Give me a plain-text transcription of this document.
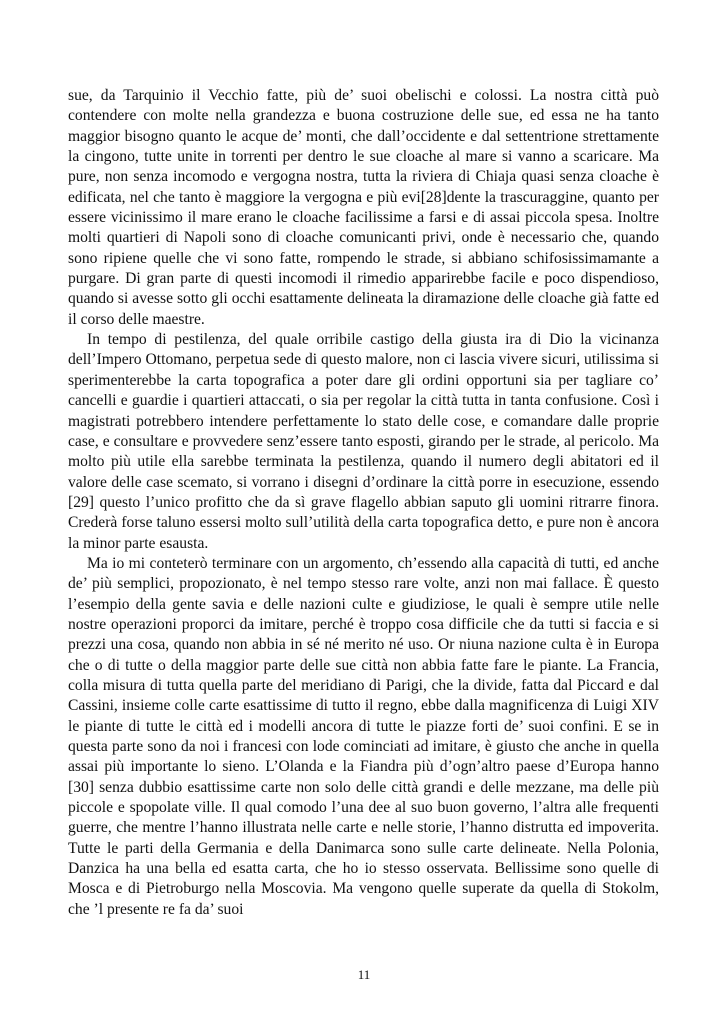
sue, da Tarquinio il Vecchio fatte, più de’ suoi obelischi e colossi. La nostra città può contendere con molte nella grandezza e buona costruzione delle sue, ed essa ne ha tanto maggior bisogno quanto le acque de’ monti, che dall’occidente e dal settentrione strettamente la cingono, tutte unite in torrenti per dentro le sue cloache al mare si vanno a scaricare. Ma pure, non senza incomodo e vergogna nostra, tutta la riviera di Chiaja quasi senza cloache è edificata, nel che tanto è maggiore la vergogna e più evi[28]dente la trascuraggine, quanto per essere vicinissimo il mare erano le cloache facilissime a farsi e di assai piccola spesa. Inoltre molti quartieri di Napoli sono di cloache comunicanti privi, onde è necessario che, quando sono ripiene quelle che vi sono fatte, rompendo le strade, si abbiano schifosissimamante a purgare. Di gran parte di questi incomodi il rimedio apparirebbe facile e poco dispendioso, quando si avesse sotto gli occhi esattamente delineata la diramazione delle cloache già fatte ed il corso delle maestre.

In tempo di pestilenza, del quale orribile castigo della giusta ira di Dio la vicinanza dell’Impero Ottomano, perpetua sede di questo malore, non ci lascia vivere sicuri, utilissima si sperimenterebbe la carta topografica a poter dare gli ordini opportuni sia per tagliare co’ cancelli e guardie i quartieri attaccati, o sia per regolar la città tutta in tanta confusione. Così i magistrati potrebbero intendere perfettamente lo stato delle cose, e comandare dalle proprie case, e consultare e provvedere senz’essere tanto esposti, girando per le strade, al pericolo. Ma molto più utile ella sarebbe terminata la pestilenza, quando il numero degli abitatori ed il valore delle case scemato, si vorrano i disegni d’ordinare la città porre in esecuzione, essendo [29] questo l’unico profitto che da sì grave flagello abbian saputo gli uomini ritrarre finora. Crederà forse taluno essersi molto sull’utilità della carta topografica detto, e pure non è ancora la minor parte esausta.

Ma io mi conteterò terminare con un argomento, ch’essendo alla capacità di tutti, ed anche de’ più semplici, propozionato, è nel tempo stesso rare volte, anzi non mai fallace. È questo l’esempio della gente savia e delle nazioni culte e giudiziose, le quali è sempre utile nelle nostre operazioni proporci da imitare, perché è troppo cosa difficile che da tutti si faccia e si prezzi una cosa, quando non abbia in sé né merito né uso. Or niuna nazione culta è in Europa che o di tutte o della maggior parte delle sue città non abbia fatte fare le piante. La Francia, colla misura di tutta quella parte del meridiano di Parigi, che la divide, fatta dal Piccard e dal Cassini, insieme colle carte esattissime di tutto il regno, ebbe dalla magnificenza di Luigi XIV le piante di tutte le città ed i modelli ancora di tutte le piazze forti de’ suoi confini. E se in questa parte sono da noi i francesi con lode cominciati ad imitare, è giusto che anche in quella assai più importante lo sieno. L’Olanda e la Fiandra più d’ogn’altro paese d’Europa hanno [30] senza dubbio esattissime carte non solo delle città grandi e delle mezzane, ma delle più piccole e spopolate ville. Il qual comodo l’una dee al suo buon governo, l’altra alle frequenti guerre, che mentre l’hanno illustrata nelle carte e nelle storie, l’hanno distrutta ed impoverita. Tutte le parti della Germania e della Danimarca sono sulle carte delineate. Nella Polonia, Danzica ha una bella ed esatta carta, che ho io stesso osservata. Bellissime sono quelle di Mosca e di Pietroburgo nella Moscovia. Ma vengono quelle superate da quella di Stokolm, che ’l presente re fa da’ suoi

11
